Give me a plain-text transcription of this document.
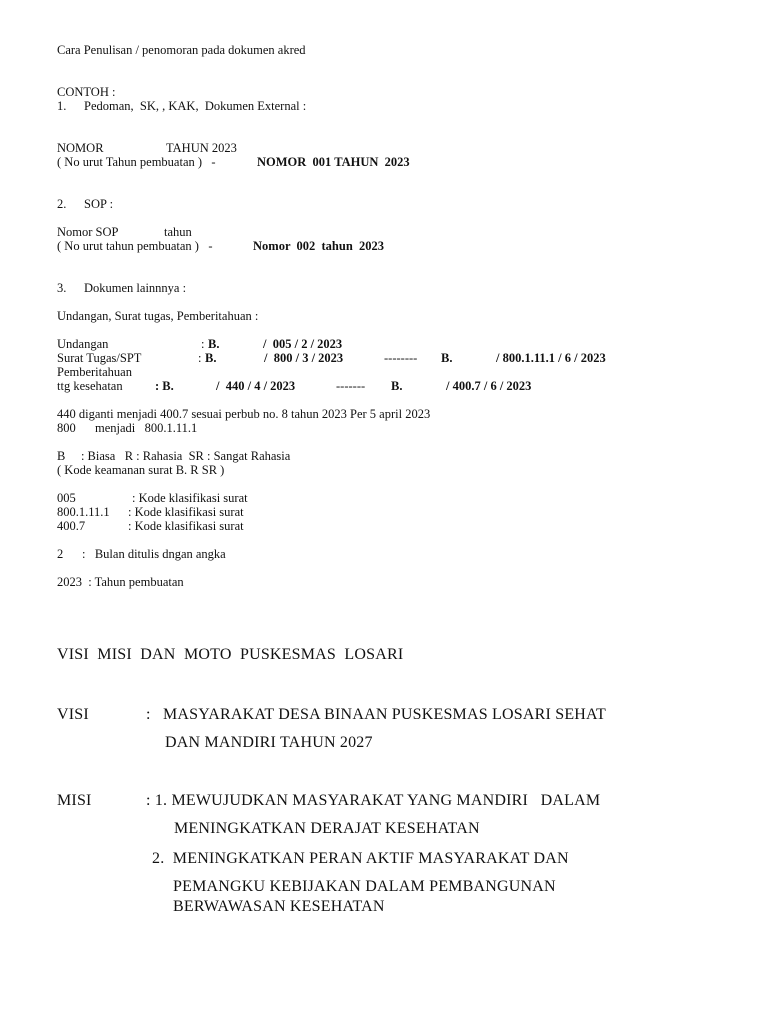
Cara Penulisan / penomoran pada dokumen akred
CONTOH :
1. Pedoman,  SK, , KAK,  Dokumen External :
NOMOR	TAHUN 2023
( No urut Tahun pembuatan )   -	NOMOR  001 TAHUN  2023
2. SOP :
Nomor SOP	tahun
( No urut tahun pembuatan )   -	Nomor  002  tahun  2023
3. Dokumen lainnnya :
Undangan, Surat tugas, Pemberitahuan :
Undangan	: B.	/  005 / 2 / 2023
Surat Tugas/SPT	: B.	/  800 / 3 / 2023	-------- B.	/ 800.1.11.1 / 6 / 2023
Pemberitahuan
ttg kesehatan	: B.	/  440 / 4 / 2023	------- B.	/ 400.7 / 6 / 2023
440 diganti menjadi 400.7 sesuai perbub no. 8 tahun 2023 Per 5 april 2023
800 menjadi   800.1.11.1
B     : Biasa   R : Rahasia  SR : Sangat Rahasia
( Kode keamanan surat B. R SR )
005	: Kode klasifikasi surat
800.1.11.1 : Kode klasifikasi surat
400.7	: Kode klasifikasi surat
2 :   Bulan ditulis dngan angka
2023  : Tahun pembuatan
VISI  MISI  DAN  MOTO  PUSKESMAS  LOSARI
VISI	: MASYARAKAT DESA BINAAN PUSKESMAS LOSARI SEHAT
DAN MANDIRI TAHUN 2027
MISI	: 1. MEWUJUDKAN MASYARAKAT YANG MANDIRI   DALAM
MENINGKATKAN DERAJAT KESEHATAN
2.  MENINGKATKAN PERAN AKTIF MASYARAKAT DAN
PEMANGKU KEBIJAKAN DALAM PEMBANGUNAN
BERWAWASAN KESEHATAN
